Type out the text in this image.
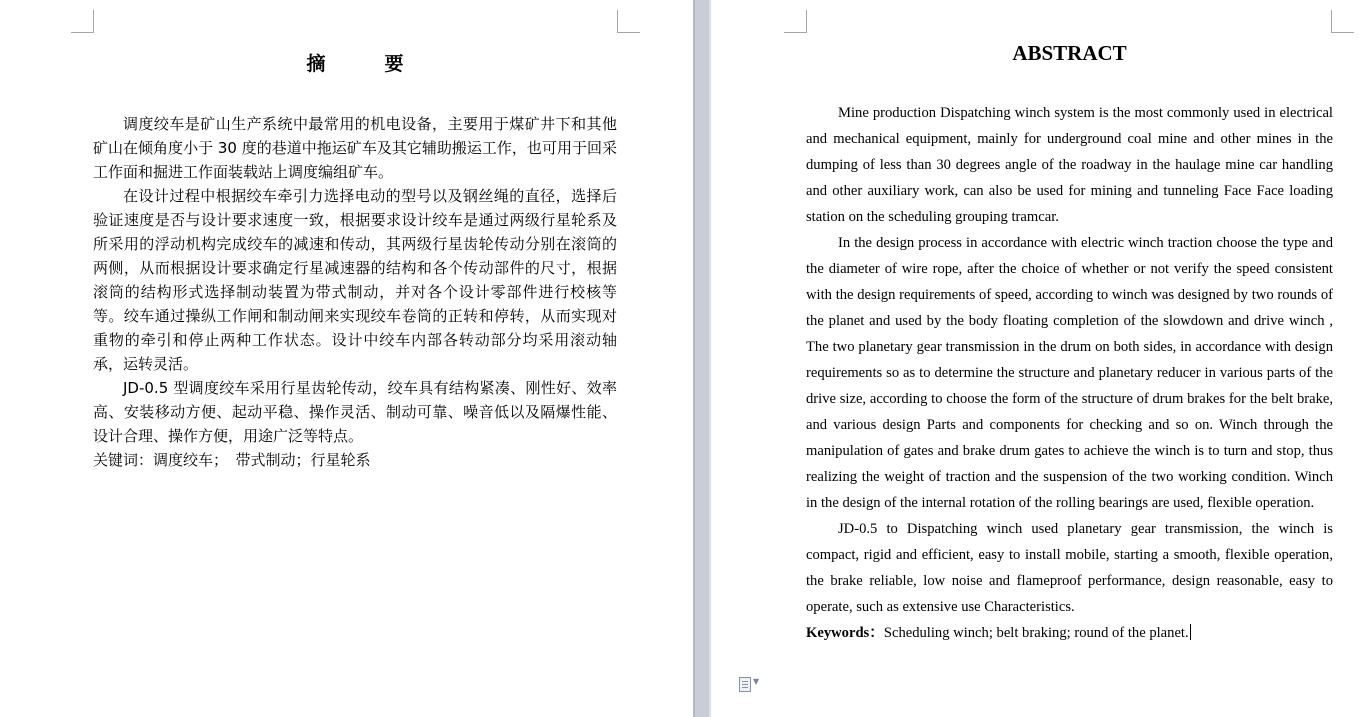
摘　要

调度绞车是矿山生产系统中最常用的机电设备，主要用于煤矿井下和其他矿山在倾角度小于 30 度的巷道中拖运矿车及其它辅助搬运工作，也可用于回采工作面和掘进工作面装载站上调度编组矿车。

在设计过程中根据绞车牵引力选择电动的型号以及钢丝绳的直径，选择后验证速度是否与设计要求速度一致，根据要求设计绞车是通过两级行星轮系及所采用的浮动机构完成绞车的减速和传动，其两级行星齿轮传动分别在滚筒的两侧，从而根据设计要求确定行星减速器的结构和各个传动部件的尺寸，根据滚筒的结构形式选择制动装置为带式制动，并对各个设计零部件进行校核等等。绞车通过操纵工作闸和制动闸来实现绞车卷筒的正转和停转，从而实现对重物的牵引和停止两种工作状态。设计中绞车内部各转动部分均采用滚动轴承，运转灵活。

JD-0.5 型调度绞车采用行星齿轮传动，绞车具有结构紧凑、刚性好、效率高、安装移动方便、起动平稳、操作灵活、制动可靠、噪音低以及隔爆性能、设计合理、操作方便，用途广泛等特点。

关键词：调度绞车；　带式制动；行星轮系

ABSTRACT

Mine production Dispatching winch system is the most commonly used in electrical and mechanical equipment, mainly for underground coal mine and other mines in the dumping of less than 30 degrees angle of the roadway in the haulage mine car handling and other auxiliary work, can also be used for mining and tunneling Face Face loading station on the scheduling grouping tramcar.

In the design process in accordance with electric winch traction choose the type and the diameter of wire rope, after the choice of whether or not verify the speed consistent with the design requirements of speed, according to winch was designed by two rounds of the planet and used by the body floating completion of the slowdown and drive winch , The two planetary gear transmission in the drum on both sides, in accordance with design requirements so as to determine the structure and planetary reducer in various parts of the drive size, according to choose the form of the structure of drum brakes for the belt brake, and various design Parts and components for checking and so on. Winch through the manipulation of gates and brake drum gates to achieve the winch is to turn and stop, thus realizing the weight of traction and the suspension of the two working condition. Winch in the design of the internal rotation of the rolling bearings are used, flexible operation.

JD-0.5 to Dispatching winch used planetary gear transmission, the winch is compact, rigid and efficient, easy to install mobile, starting a smooth, flexible operation, the brake reliable, low noise and flameproof performance, design reasonable, easy to operate, such as extensive use Characteristics.

Keywords：Scheduling winch; belt braking; round of the planet.

▼
